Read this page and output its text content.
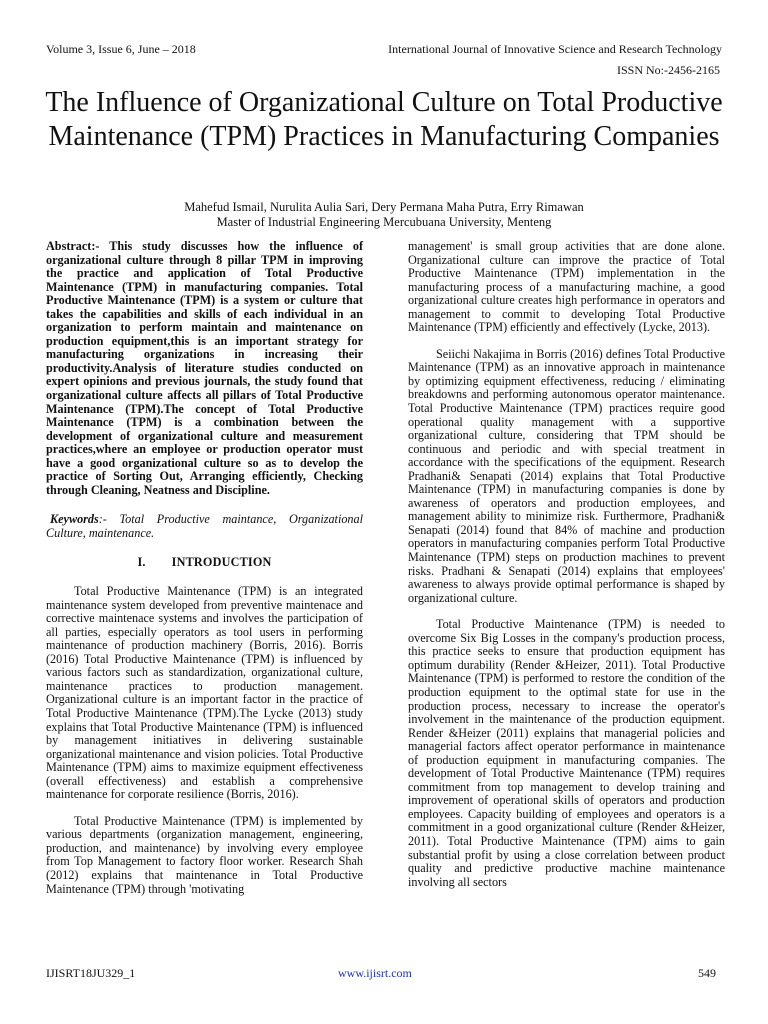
Volume 3, Issue 6, June – 2018	International Journal of Innovative Science and Research Technology
ISSN No:-2456-2165
The Influence of Organizational Culture on Total Productive Maintenance (TPM) Practices in Manufacturing Companies
Mahefud Ismail, Nurulita Aulia Sari, Dery Permana Maha Putra, Erry Rimawan
Master of Industrial Engineering Mercubuana University, Menteng

Abstract:- This study discusses how the influence of organizational culture through 8 pillar TPM in improving the practice and application of Total Productive Maintenance (TPM) in manufacturing companies. Total Productive Maintenance (TPM) is a system or culture that takes the capabilities and skills of each individual in an organization to perform maintain and maintenance on production equipment,this is an important strategy for manufacturing organizations in increasing their productivity.Analysis of literature studies conducted on expert opinions and previous journals, the study found that organizational culture affects all pillars of Total Productive Maintenance (TPM).The concept of Total Productive Maintenance (TPM) is a combination between the development of organizational culture and measurement practices,where an employee or production operator must have a good organizational culture so as to develop the practice of Sorting Out, Arranging efficiently, Checking through Cleaning, Neatness and Discipline.

Keywords:- Total Productive maintance, Organizational Culture, maintenance.

I. INTRODUCTION

Total Productive Maintenance (TPM) is an integrated maintenance system developed from preventive maintenace and corrective maintenace systems and involves the participation of all parties, especially operators as tool users in performing maintenance of production machinery (Borris, 2016). Borris (2016) Total Productive Maintenance (TPM) is influenced by various factors such as standardization, organizational culture, maintenance practices to production management. Organizational culture is an important factor in the practice of Total Productive Maintenance (TPM).The Lycke (2013) study explains that Total Productive Maintenance (TPM) is influenced by management initiatives in delivering sustainable organizational maintenance and vision policies. Total Productive Maintenance (TPM) aims to maximize equipment effectiveness (overall effectiveness) and establish a comprehensive maintenance for corporate resilience (Borris, 2016).

Total Productive Maintenance (TPM) is implemented by various departments (organization management, engineering, production, and maintenance) by involving every employee from Top Management to factory floor worker. Research Shah (2012) explains that maintenance in Total Productive Maintenance (TPM) through 'motivating

management' is small group activities that are done alone. Organizational culture can improve the practice of Total Productive Maintenance (TPM) implementation in the manufacturing process of a manufacturing machine, a good organizational culture creates high performance in operators and management to commit to developing Total Productive Maintenance (TPM) efficiently and effectively (Lycke, 2013).

Seiichi Nakajima in Borris (2016) defines Total Productive Maintenance (TPM) as an innovative approach in maintenance by optimizing equipment effectiveness, reducing / eliminating breakdowns and performing autonomous operator maintenance. Total Productive Maintenance (TPM) practices require good operational quality management with a supportive organizational culture, considering that TPM should be continuous and periodic and with special treatment in accordance with the specifications of the equipment. Research Pradhani& Senapati (2014) explains that Total Productive Maintenance (TPM) in manufacturing companies is done by awareness of operators and production employees, and management ability to minimize risk. Furthermore, Pradhani& Senapati (2014) found that 84% of machine and production operators in manufacturing companies perform Total Productive Maintenance (TPM) steps on production machines to prevent risks. Pradhani & Senapati (2014) explains that employees' awareness to always provide optimal performance is shaped by organizational culture.

Total Productive Maintenance (TPM) is needed to overcome Six Big Losses in the company's production process, this practice seeks to ensure that production equipment has optimum durability (Render &Heizer, 2011). Total Productive Maintenance (TPM) is performed to restore the condition of the production equipment to the optimal state for use in the production process, necessary to increase the operator's involvement in the maintenance of the production equipment. Render &Heizer (2011) explains that managerial policies and managerial factors affect operator performance in maintenance of production equipment in manufacturing companies. The development of Total Productive Maintenance (TPM) requires commitment from top management to develop training and improvement of operational skills of operators and production employees. Capacity building of employees and operators is a commitment in a good organizational culture (Render &Heizer, 2011). Total Productive Maintenance (TPM) aims to gain substantial profit by using a close correlation between product quality and predictive productive machine maintenance involving all sectors

IJISRT18JU329_1	www.ijisrt.com	549
